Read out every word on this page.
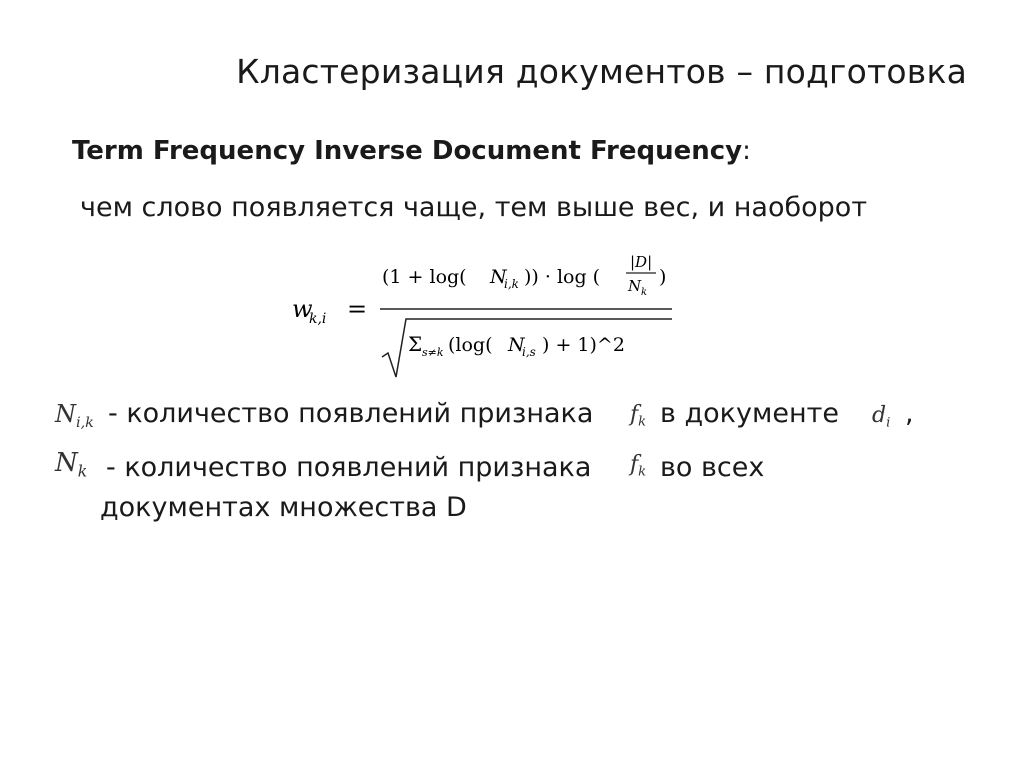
Кластеризация документов – подготовка
Term Frequency Inverse Document Frequency:
чем слово появляется чаще, тем выше вес, и наоборот
w
k,i =
(1 + log( N
i,k )) · log (
|D|
N k
)
Σ s≠k (log( N
i,s ) + 1)^2
$N_{i,k}$ - количество появлений признака $f_k$ в документе $d_i$ ,
$N_k$ - количество появлений признака $f_k$ во всех
документах множества D
